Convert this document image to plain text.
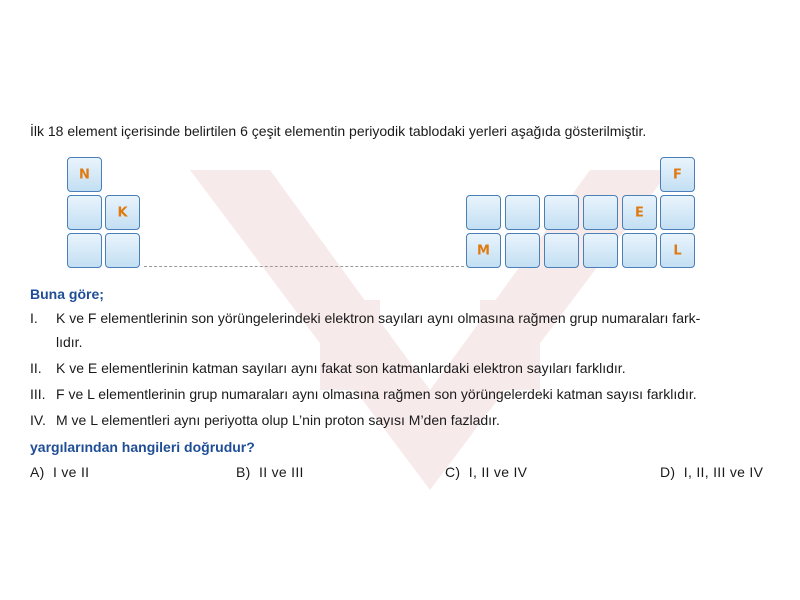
İlk 18 element içerisinde belirtilen 6 çeşit elementin periyodik tablodaki yerleri aşağıda gösterilmiştir.
N
K
F
E
M	L
Buna göre;
I. K ve F elementlerinin son yörüngelerindeki elektron sayıları aynı olmasına rağmen grup numaraları fark-
lıdır.
II. K ve E elementlerinin katman sayıları aynı fakat son katmanlardaki elektron sayıları farklıdır.
III. F ve L elementlerinin grup numaraları aynı olmasına rağmen son yörüngelerdeki katman sayısı farklıdır.
IV. M ve L elementleri aynı periyotta olup L’nin proton sayısı M’den fazladır.
yargılarından hangileri doğrudur?
A) I ve II	B) II ve III	C) I, II ve IV	D) I, II, III ve IV
